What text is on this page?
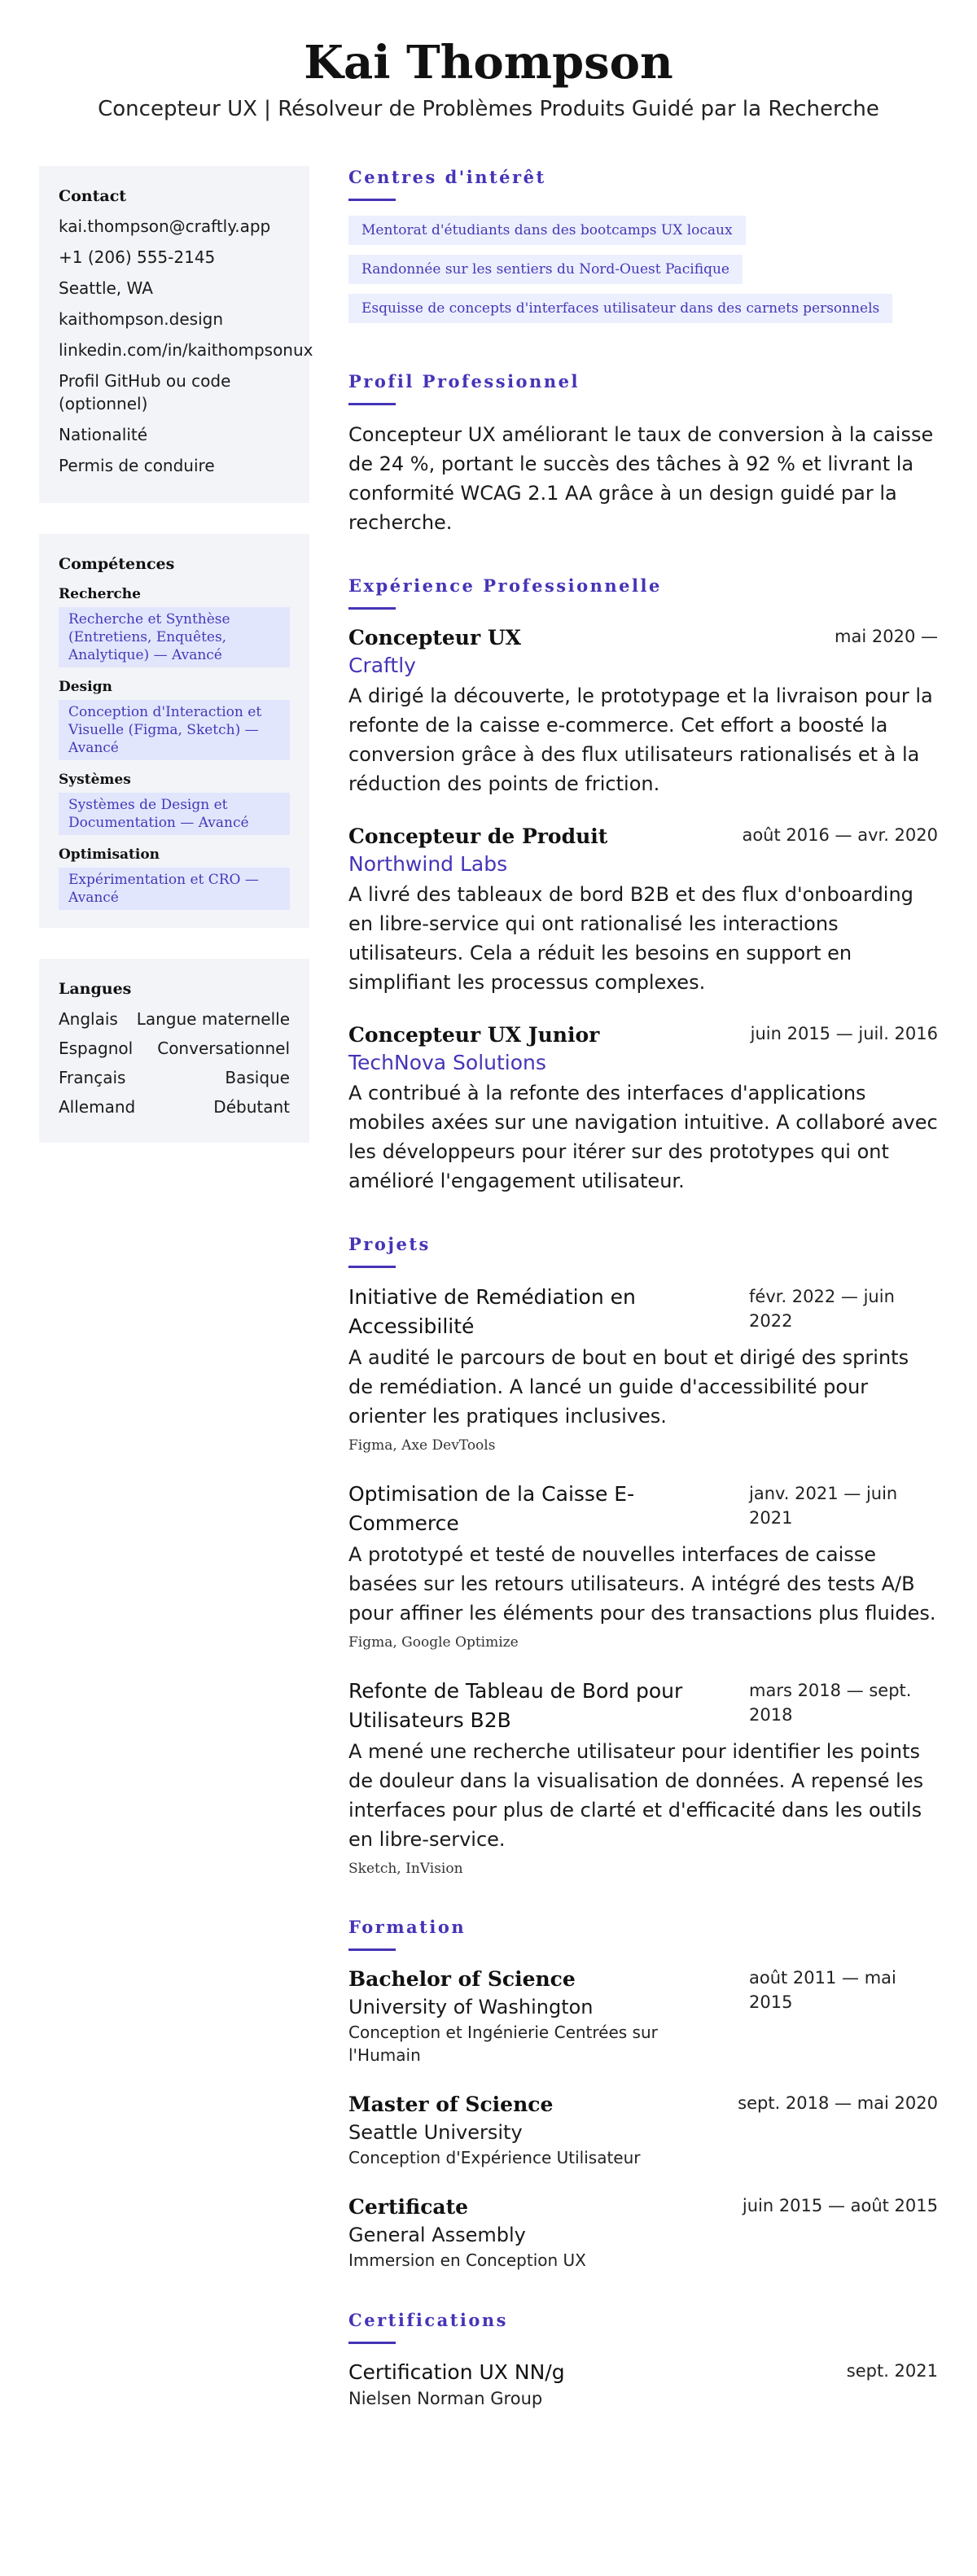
Kai Thompson
Concepteur UX | Résolveur de Problèmes Produits Guidé par la Recherche
Contact
kai.thompson@craftly.app
+1 (206) 555-2145
Seattle, WA
kaithompson.design
linkedin.com/in/kaithompsonux
Profil GitHub ou code (optionnel)
Nationalité
Permis de conduire
Compétences
Recherche
Recherche et Synthèse (Entretiens, Enquêtes, Analytique) — Avancé
Design
Conception d'Interaction et Visuelle (Figma, Sketch) — Avancé
Systèmes
Systèmes de Design et Documentation — Avancé
Optimisation
Expérimentation et CRO — Avancé
Langues
Anglais Langue maternelle
Espagnol Conversationnel
Français	Basique
Allemand	Débutant
Centres d'intérêt
Mentorat d'étudiants dans des bootcamps UX locaux
Randonnée sur les sentiers du Nord-Ouest Pacifique
Esquisse de concepts d'interfaces utilisateur dans des carnets personnels
Profil Professionnel
Concepteur UX améliorant le taux de conversion à la caisse de 24 %, portant le succès des tâches à 92 % et livrant la conformité WCAG 2.1 AA grâce à un design guidé par la recherche.
Expérience Professionnelle
Concepteur UX	mai 2020 —
Craftly
A dirigé la découverte, le prototypage et la livraison pour la refonte de la caisse e-commerce. Cet effort a boosté la conversion grâce à des flux utilisateurs rationalisés et à la réduction des points de friction.
Concepteur de Produit	août 2016 — avr. 2020
Northwind Labs
A livré des tableaux de bord B2B et des flux d'onboarding en libre-service qui ont rationalisé les interactions utilisateurs. Cela a réduit les besoins en support en simplifiant les processus complexes.
Concepteur UX Junior	juin 2015 — juil. 2016
TechNova Solutions
A contribué à la refonte des interfaces d'applications mobiles axées sur une navigation intuitive. A collaboré avec les développeurs pour itérer sur des prototypes qui ont amélioré l'engagement utilisateur.
Projets
Initiative de Remédiation en Accessibilité
févr. 2022 — juin 2022
A audité le parcours de bout en bout et dirigé des sprints de remédiation. A lancé un guide d'accessibilité pour orienter les pratiques inclusives.
Figma, Axe DevTools
Optimisation de la Caisse E-Commerce
janv. 2021 — juin 2021
A prototypé et testé de nouvelles interfaces de caisse basées sur les retours utilisateurs. A intégré des tests A/B pour affiner les éléments pour des transactions plus fluides.
Figma, Google Optimize
Refonte de Tableau de Bord pour Utilisateurs B2B
mars 2018 — sept. 2018
A mené une recherche utilisateur pour identifier les points de douleur dans la visualisation de données. A repensé les interfaces pour plus de clarté et d'efficacité dans les outils en libre-service.
Sketch, InVision
Formation
Bachelor of Science
University of Washington
Conception et Ingénierie Centrées sur l'Humain
août 2011 — mai 2015
Master of Science
Seattle University
Conception d'Expérience Utilisateur
sept. 2018 — mai 2020
Certificate
General Assembly
Immersion en Conception UX
juin 2015 — août 2015
Certifications
Certification UX NN/g	sept. 2021
Nielsen Norman Group
